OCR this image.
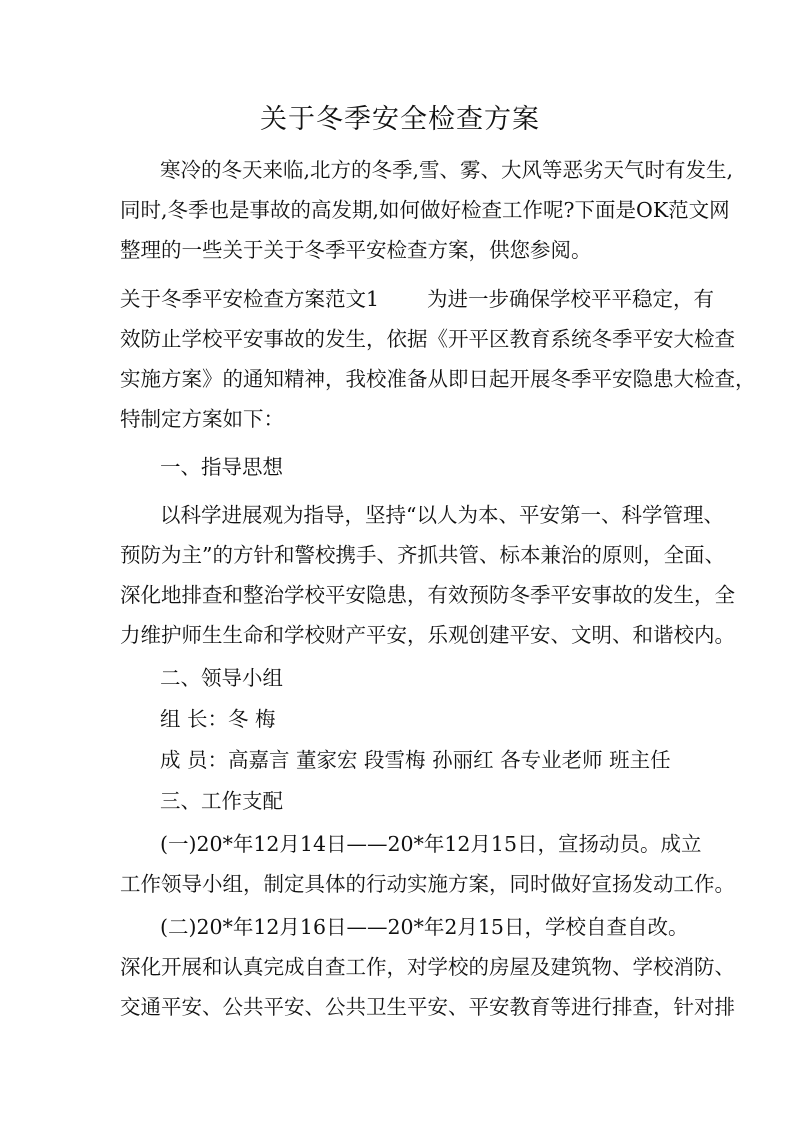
关于冬季安全检查方案
寒冷的冬天来临,北方的冬季,雪、雾、大风等恶劣天气时有发生,
同时,冬季也是事故的高发期,如何做好检查工作呢?下面是OK范文网
整理的一些关于关于冬季平安检查方案，供您参阅。
关于冬季平安检查方案范文1 为进一步确保学校平平稳定，有
效防止学校平安事故的发生，依据《开平区教育系统冬季平安大检查
实施方案》的通知精神，我校准备从即日起开展冬季平安隐患大检查，
特制定方案如下：
一、指导思想
以科学进展观为指导，坚持“以人为本、平安第一、科学管理、
预防为主”的方针和警校携手、齐抓共管、标本兼治的原则，全面、
深化地排查和整治学校平安隐患，有效预防冬季平安事故的发生，全
力维护师生生命和学校财产平安，乐观创建平安、文明、和谐校内。
二、领导小组
组 长：冬 梅
成 员：高嘉言 董家宏 段雪梅 孙丽红 各专业老师 班主任
三、工作支配
(一)20*年12月14日——20*年12月15日，宣扬动员。成立
工作领导小组，制定具体的行动实施方案，同时做好宣扬发动工作。
(二)20*年12月16日——20*年2月15日，学校自查自改。
深化开展和认真完成自查工作，对学校的房屋及建筑物、学校消防、
交通平安、公共平安、公共卫生平安、平安教育等进行排查，针对排
